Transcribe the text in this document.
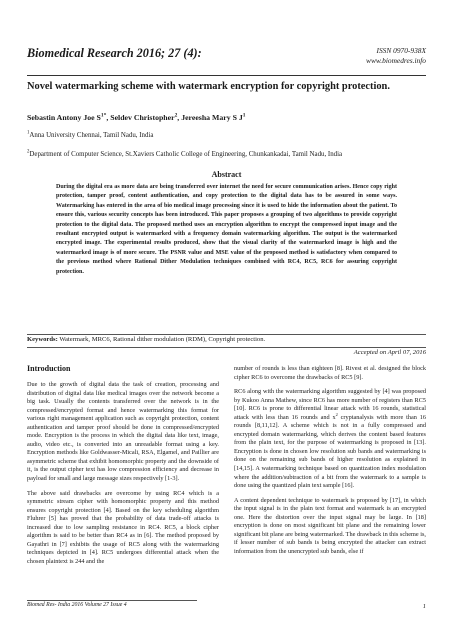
Biomedical Research 2016; 27 (4):	ISSN 0970-938X
www.biomedres.info
Novel watermarking scheme with watermark encryption for copyright protection.
Sebastin Antony Joe $S^{1*}$, Seldev Christopher$^2$, Jereesha Mary S $J^1$
$^1$Anna University Chennai, Tamil Nadu, India
$^2$Department of Computer Science, St.Xaviers Catholic College of Engineering, Chunkankadai, Tamil Nadu, India
Abstract
During the digital era as more data are being transferred over internet the need for secure communication arises. Hence copy right protection, tamper proof, content authentication, and copy protection to the digital data has to be assured in some ways. Watermarking has entered in the area of bio medical image processing since it is used to hide the information about the patient. To ensure this, various security concepts has been introduced. This paper proposes a grouping of two algorithms to provide copyright protection to the digital data. The proposed method uses an encryption algorithm to encrypt the compressed input image and the resultant encrypted output is watermarked with a frequency domain watermarking algorithm. The output is the watermarked encrypted image. The experimental results produced, show that the visual clarity of the watermarked image is high and the watermarked image is of more secure. The PSNR value and MSE value of the proposed method is satisfactory when compared to the previous method where Rational Dither Modulation techniques combined with RC4, RC5, RC6 for assuring copyright protection.
Keywords: Watermark, MRC6, Rational dither modulation (RDM), Copyright protection.
Accepted on April 07, 2016
Introduction

Due to the growth of digital data the task of creation, processing and distribution of digital data like medical images over the network become a big task. Usually the contents transferred over the network is in the compressed/encrypted format and hence watermarking this format for various right management application such as copyright protection, content authentication and tamper proof should be done in compressed/encrypted mode. Encryption is the process in which the digital data like text, image, audio, video etc., is converted into an unreadable format using a key. Encryption methods like Goldwasser-Micali, RSA, Elgamel, and Paillier are asymmetric scheme that exhibit homomorphic property and the downside of it, is the output cipher text has low compression efficiency and decrease in payload for small and large message sizes respectively [1-3].

The above said drawbacks are overcome by using RC4 which is a symmetric stream cipher with homomorphic property and this method ensures copyright protection [4]. Based on the key scheduling algorithm Fluhrer [5] has proved that the probability of data trade-off attacks is increased due to low sampling resistance in RC4. RC5, a block cipher algorithm is said to be better than RC4 as in [6]. The method proposed by Gayathri in [7] exhibits the usage of RC5 along with the watermarking techniques depicted in [4]. RC5 undergoes differential attack when the chosen plaintext is 244 and the

number of rounds is less than eighteen [8]. Rivest et al. designed the block cipher RC6 to overcome the drawbacks of RC5 [9].

RC6 along with the watermarking algorithm suggested by [4] was proposed by Kukoo Anna Mathew, since RC6 has more number of registers than RC5 [10]. RC6 is prone to differential linear attack with 16 rounds, statistical attack with less than 16 rounds and $x^2$ cryptanalysis with more than 16 rounds [8,11,12]. A scheme which is not in a fully compressed and encrypted domain watermarking, which derives the content based features from the plain text, for the purpose of watermarking is proposed in [13]. Encryption is done in chosen low resolution sub bands and watermarking is done on the remaining sub bands of higher resolution as explained in [14,15]. A watermarking technique based on quantization index modulation where the addition/subtraction of a bit from the watermark to a sample is done using the quantized plain text sample [16].

A content dependent technique to watermark is proposed by [17], in which the input signal is in the plain text format and watermark is an encrypted one. Here the distortion over the input signal may be large. In [18] encryption is done on most significant bit plane and the remaining lower significant bit plane are being watermarked. The drawback in this scheme is, if lesser number of sub bands is being encrypted the attacker can extract information from the unencrypted sub bands, else if

Biomed Res- India 2016 Volume 27 Issue 4	1
